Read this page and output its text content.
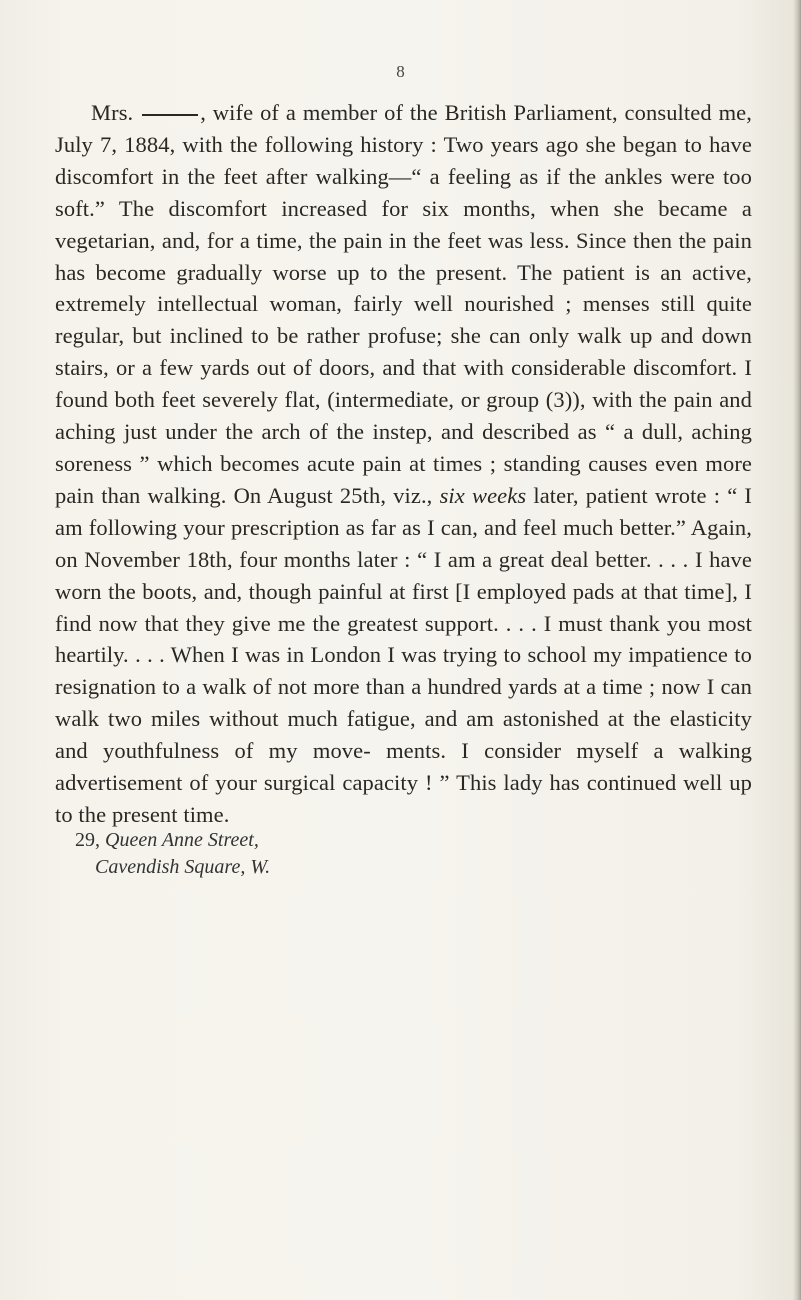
8

Mrs.	, wife of a member of the British Parliament, consulted me, July 7, 1884, with the following history : Two years ago she began to have discomfort in the feet after walking—“ a feeling as if the ankles were too soft.” The discomfort increased for six months, when she became a vegetarian, and, for a time, the pain in the feet was less. Since then the pain has become gradually worse up to the present. The patient is an active, extremely intellectual woman, fairly well nourished ; menses still quite regular, but inclined to be rather profuse; she can only walk up and down stairs, or a few yards out of doors, and that with considerable discomfort. I found both feet severely flat, (intermediate, or group (3)), with the pain and aching just under the arch of the instep, and described as “ a dull, aching soreness ” which becomes acute pain at times ; standing causes even more pain than walking. On August 25th, viz., six weeks later, patient wrote : “ I am following your prescription as far as I can, and feel much better.” Again, on November 18th, four months later : “ I am a great deal better. . . . I have worn the boots, and, though painful at first [I employed pads at that time], I find now that they give me the greatest support. . . . I must thank you most heartily. . . . When I was in London I was trying to school my impatience to resignation to a walk of not more than a hundred yards at a time ; now I can walk two miles without much fatigue, and am astonished at the elasticity and youthfulness of my move- ments. I consider myself a walking advertisement of your surgical capacity ! ” This lady has continued well up to the present time.

29, Queen Anne Street,
Cavendish Square, W.
